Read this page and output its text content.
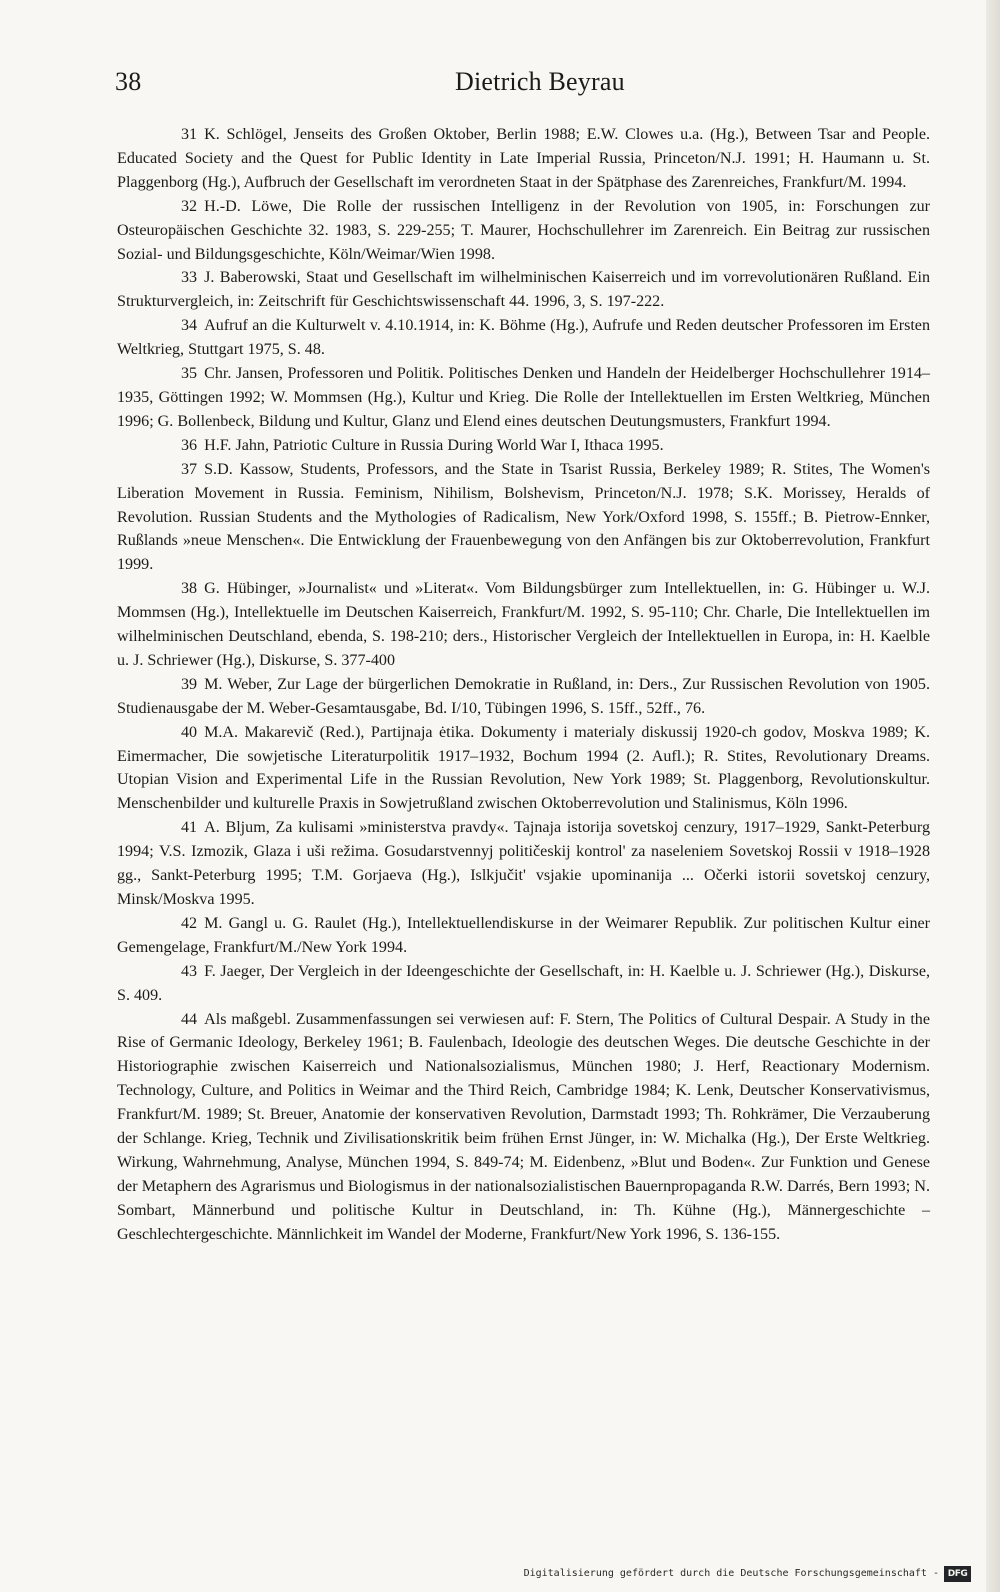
38	Dietrich Beyrau

31 K. Schlögel, Jenseits des Großen Oktober, Berlin 1988; E.W. Clowes u.a. (Hg.), Between Tsar and People. Educated Society and the Quest for Public Identity in Late Imperial Russia, Princeton/N.J. 1991; H. Haumann u. St. Plaggenborg (Hg.), Aufbruch der Gesellschaft im verordneten Staat in der Spätphase des Zarenreiches, Frankfurt/M. 1994.

32 H.-D. Löwe, Die Rolle der russischen Intelligenz in der Revolution von 1905, in: Forschungen zur Osteuropäischen Geschichte 32. 1983, S. 229-255; T. Maurer, Hochschullehrer im Zarenreich. Ein Beitrag zur russischen Sozial- und Bildungsgeschichte, Köln/Weimar/Wien 1998.

33 J. Baberowski, Staat und Gesellschaft im wilhelminischen Kaiserreich und im vorrevolutionären Rußland. Ein Strukturvergleich, in: Zeitschrift für Geschichtswissenschaft 44. 1996, 3, S. 197-222.

34 Aufruf an die Kulturwelt v. 4.10.1914, in: K. Böhme (Hg.), Aufrufe und Reden deutscher Professoren im Ersten Weltkrieg, Stuttgart 1975, S. 48.

35 Chr. Jansen, Professoren und Politik. Politisches Denken und Handeln der Heidelberger Hochschullehrer 1914–1935, Göttingen 1992; W. Mommsen (Hg.), Kultur und Krieg. Die Rolle der Intellektuellen im Ersten Weltkrieg, München 1996; G. Bollenbeck, Bildung und Kultur, Glanz und Elend eines deutschen Deutungsmusters, Frankfurt 1994.

36 H.F. Jahn, Patriotic Culture in Russia During World War I, Ithaca 1995.

37 S.D. Kassow, Students, Professors, and the State in Tsarist Russia, Berkeley 1989; R. Stites, The Women's Liberation Movement in Russia. Feminism, Nihilism, Bolshevism, Princeton/N.J. 1978; S.K. Morissey, Heralds of Revolution. Russian Students and the Mythologies of Radicalism, New York/Oxford 1998, S. 155ff.; B. Pietrow-Ennker, Rußlands »neue Menschen«. Die Entwicklung der Frauenbewegung von den Anfängen bis zur Oktoberrevolution, Frankfurt 1999.

38 G. Hübinger, »Journalist« und »Literat«. Vom Bildungsbürger zum Intellektuellen, in: G. Hübinger u. W.J. Mommsen (Hg.), Intellektuelle im Deutschen Kaiserreich, Frankfurt/M. 1992, S. 95-110; Chr. Charle, Die Intellektuellen im wilhelminischen Deutschland, ebenda, S. 198-210; ders., Historischer Vergleich der Intellektuellen in Europa, in: H. Kaelble u. J. Schriewer (Hg.), Diskurse, S. 377-400

39 M. Weber, Zur Lage der bürgerlichen Demokratie in Rußland, in: Ders., Zur Russischen Revolution von 1905. Studienausgabe der M. Weber-Gesamtausgabe, Bd. I/10, Tübingen 1996, S. 15ff., 52ff., 76.

40 M.A. Makarevič (Red.), Partijnaja ėtika. Dokumenty i materialy diskussij 1920-ch godov, Moskva 1989; K. Eimermacher, Die sowjetische Literaturpolitik 1917–1932, Bochum 1994 (2. Aufl.); R. Stites, Revolutionary Dreams. Utopian Vision and Experimental Life in the Russian Revolution, New York 1989; St. Plaggenborg, Revolutionskultur. Menschenbilder und kulturelle Praxis in Sowjetrußland zwischen Oktoberrevolution und Stalinismus, Köln 1996.

41 A. Bljum, Za kulisami »ministerstva pravdy«. Tajnaja istorija sovetskoj cenzury, 1917–1929, Sankt-Peterburg 1994; V.S. Izmozik, Glaza i uši režima. Gosudarstvennyj političeskij kontrol' za naseleniem Sovetskoj Rossii v 1918–1928 gg., Sankt-Peterburg 1995; T.M. Gorjaeva (Hg.), Islkjučit' vsjakie upominanija ... Očerki istorii sovetskoj cenzury, Minsk/Moskva 1995.

42 M. Gangl u. G. Raulet (Hg.), Intellektuellendiskurse in der Weimarer Republik. Zur politischen Kultur einer Gemengelage, Frankfurt/M./New York 1994.

43 F. Jaeger, Der Vergleich in der Ideengeschichte der Gesellschaft, in: H. Kaelble u. J. Schriewer (Hg.), Diskurse, S. 409.

44 Als maßgebl. Zusammenfassungen sei verwiesen auf: F. Stern, The Politics of Cultural Despair. A Study in the Rise of Germanic Ideology, Berkeley 1961; B. Faulenbach, Ideologie des deutschen Weges. Die deutsche Geschichte in der Historiographie zwischen Kaiserreich und Nationalsozialismus, München 1980; J. Herf, Reactionary Modernism. Technology, Culture, and Politics in Weimar and the Third Reich, Cambridge 1984; K. Lenk, Deutscher Konservativismus, Frankfurt/M. 1989; St. Breuer, Anatomie der konservativen Revolution, Darmstadt 1993; Th. Rohkrämer, Die Verzauberung der Schlange. Krieg, Technik und Zivilisationskritik beim frühen Ernst Jünger, in: W. Michalka (Hg.), Der Erste Weltkrieg. Wirkung, Wahrnehmung, Analyse, München 1994, S. 849-74; M. Eidenbenz, »Blut und Boden«. Zur Funktion und Genese der Metaphern des Agrarismus und Biologismus in der nationalsozialistischen Bauernpropaganda R.W. Darrés, Bern 1993; N. Sombart, Männerbund und politische Kultur in Deutschland, in: Th. Kühne (Hg.), Männergeschichte – Geschlechtergeschichte. Männlichkeit im Wandel der Moderne, Frankfurt/New York 1996, S. 136-155.

Digitalisierung gefördert durch die Deutsche Forschungsgemeinschaft - DFG
